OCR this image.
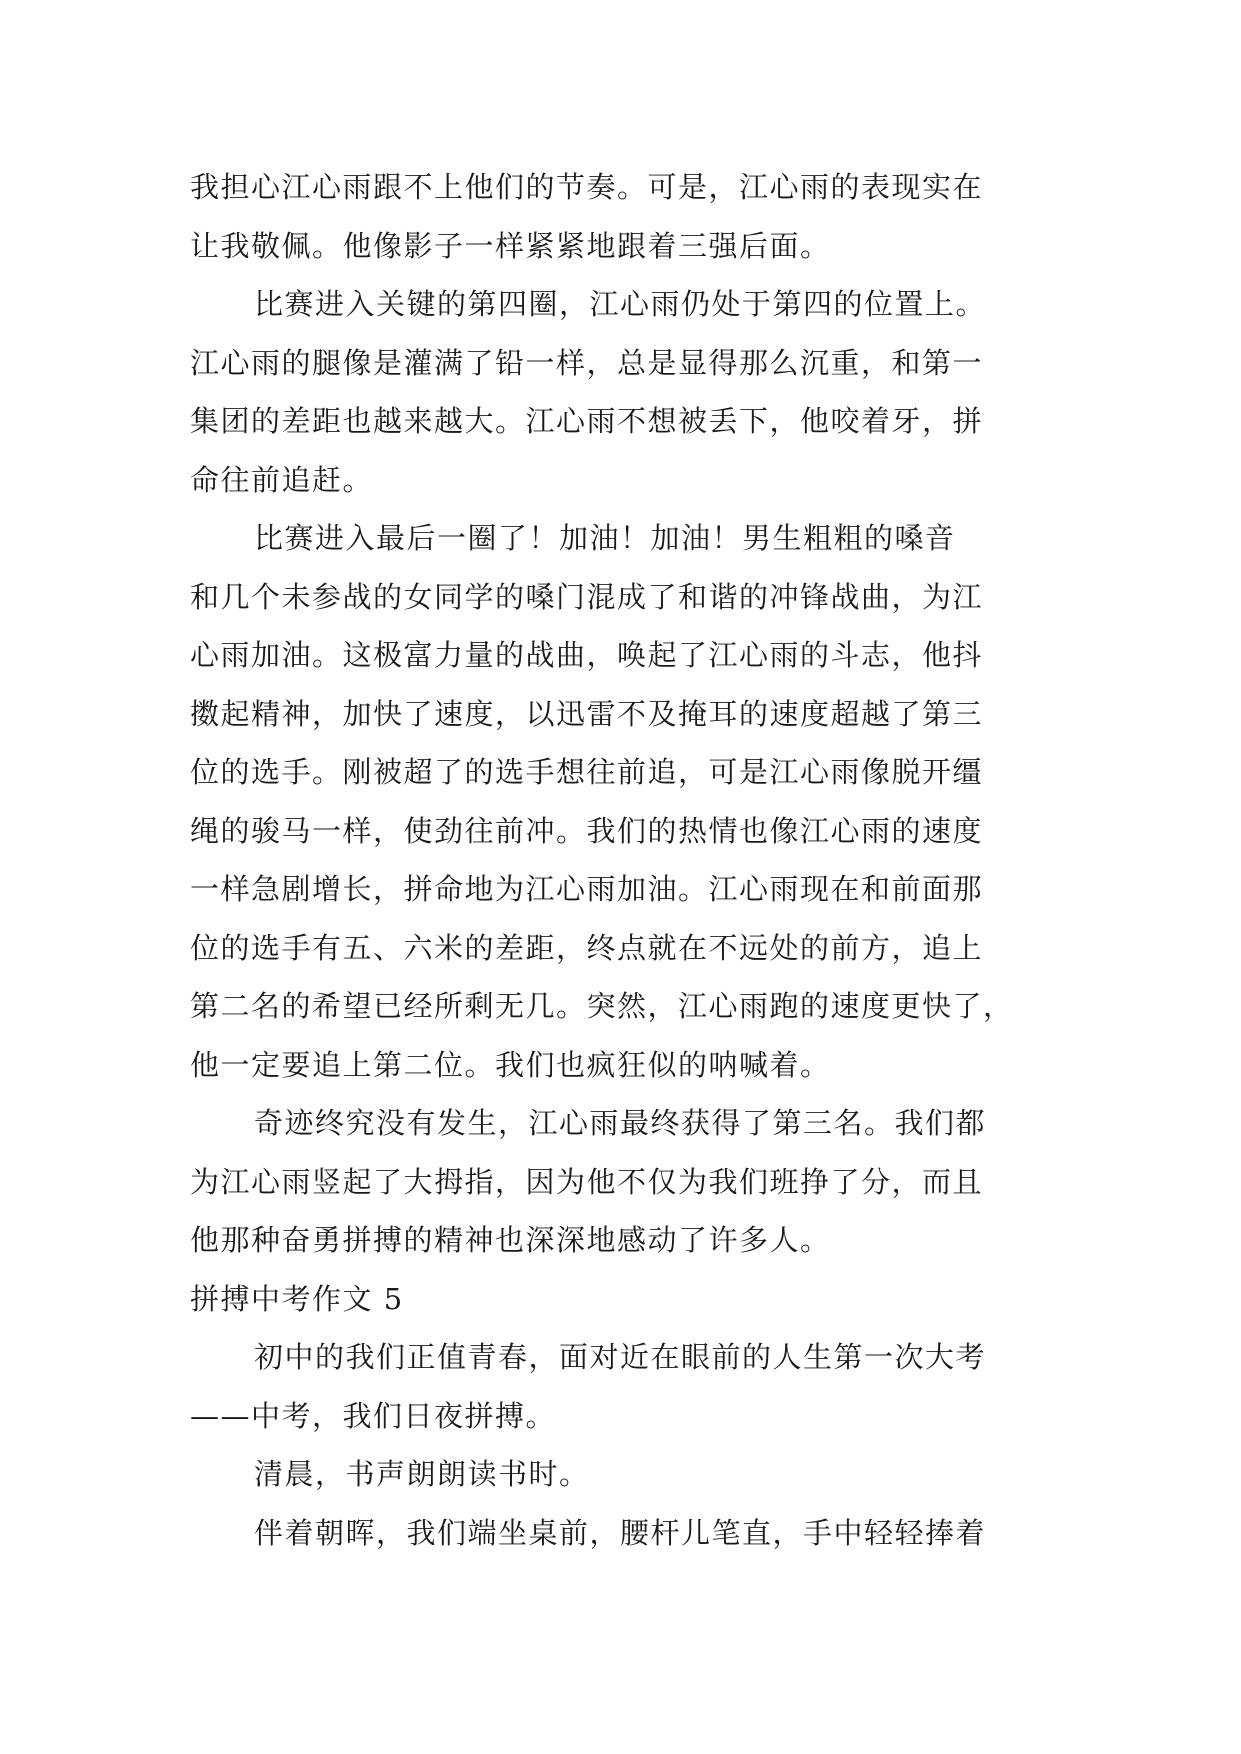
我担心江心雨跟不上他们的节奏。可是，江心雨的表现实在
让我敬佩。他像影子一样紧紧地跟着三强后面。
比赛进入关键的第四圈，江心雨仍处于第四的位置上。
江心雨的腿像是灌满了铅一样，总是显得那么沉重，和第一
集团的差距也越来越大。江心雨不想被丢下，他咬着牙，拼
命往前追赶。
比赛进入最后一圈了！加油！加油！男生粗粗的嗓音
和几个未参战的女同学的嗓门混成了和谐的冲锋战曲，为江
心雨加油。这极富力量的战曲，唤起了江心雨的斗志，他抖
擞起精神，加快了速度，以迅雷不及掩耳的速度超越了第三
位的选手。刚被超了的选手想往前追，可是江心雨像脱开缰
绳的骏马一样，使劲往前冲。我们的热情也像江心雨的速度
一样急剧增长，拼命地为江心雨加油。江心雨现在和前面那
位的选手有五、六米的差距，终点就在不远处的前方，追上
第二名的希望已经所剩无几。突然，江心雨跑的速度更快了，
他一定要追上第二位。我们也疯狂似的呐喊着。
奇迹终究没有发生，江心雨最终获得了第三名。我们都
为江心雨竖起了大拇指，因为他不仅为我们班挣了分，而且
他那种奋勇拼搏的精神也深深地感动了许多人。
拼搏中考作文 5
初中的我们正值青春，面对近在眼前的人生第一次大考
——中考，我们日夜拼搏。
清晨，书声朗朗读书时。
伴着朝晖，我们端坐桌前，腰杆儿笔直，手中轻轻捧着
